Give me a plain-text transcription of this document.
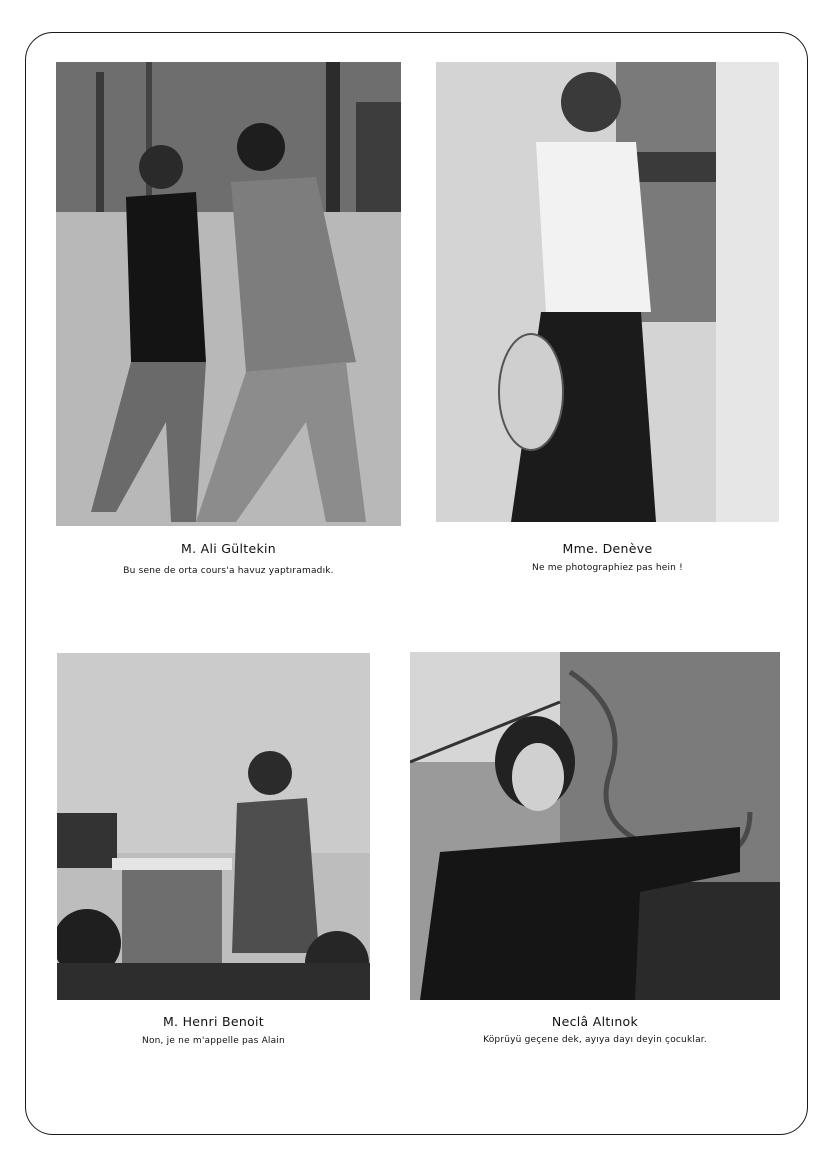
M. Ali Gültekin
Bu sene de orta cours'a havuz yaptıramadık.
Mme. Denève
Ne me photographiez pas hein !
M. Henri Benoit
Non, je ne m'appelle pas Alain
Neclâ Altınok
Köprüyü geçene dek, ayıya dayı deyin çocuklar.
